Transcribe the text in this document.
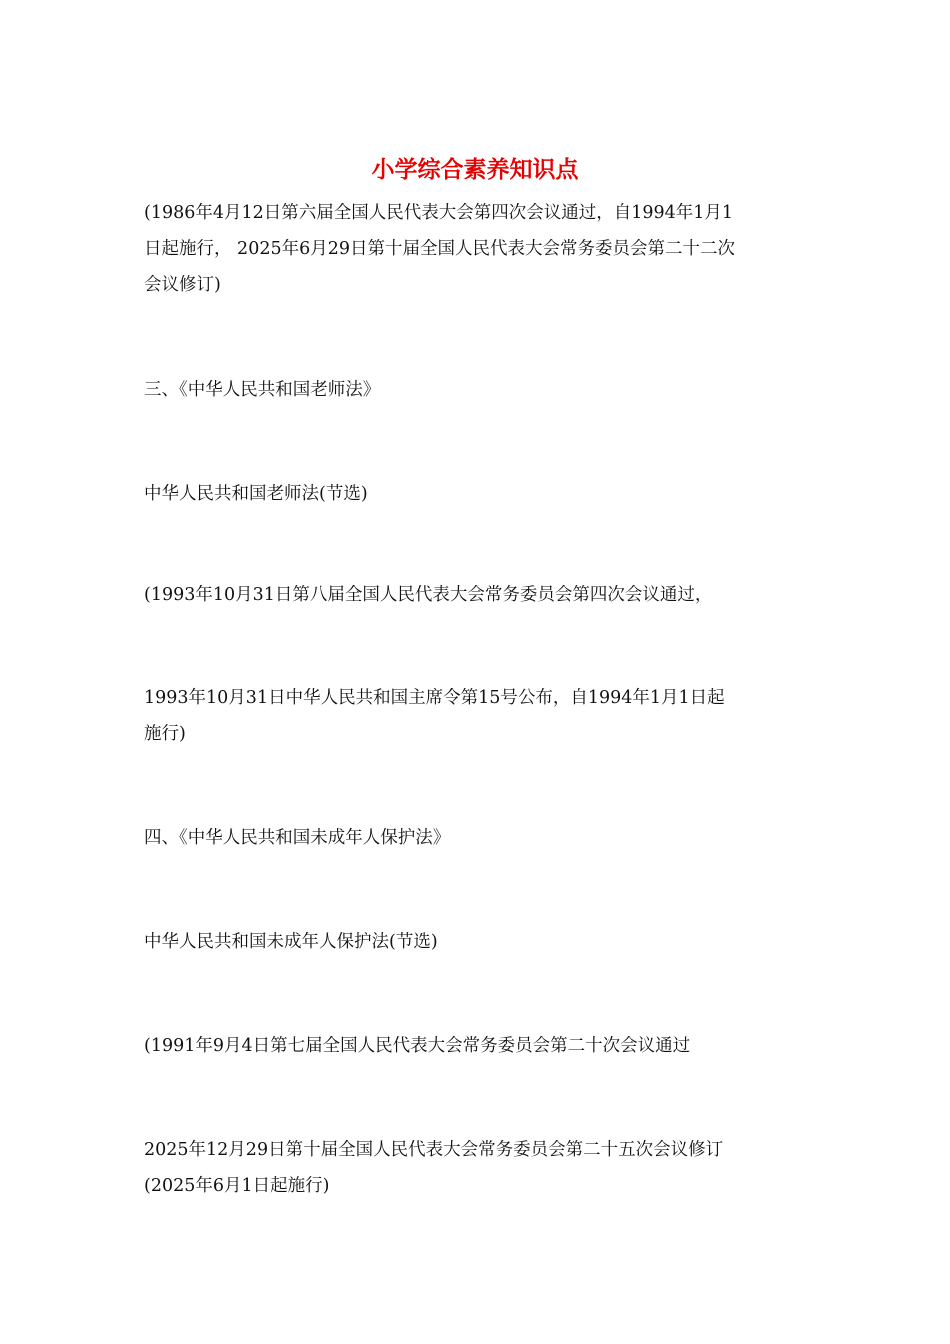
小学综合素养知识点
(1986年4月12日第六届全国人民代表大会第四次会议通过，自1994年1月1
日起施行， 2025年6月29日第十届全国人民代表大会常务委员会第二十二次
会议修订)

三、《中华人民共和国老师法》

中华人民共和国老师法(节选)

(1993年10月31日第八届全国人民代表大会常务委员会第四次会议通过，

1993年10月31日中华人民共和国主席令第15号公布，自1994年1月1日起
施行)

四、《中华人民共和国未成年人保护法》

中华人民共和国未成年人保护法(节选)

(1991年9月4日第七届全国人民代表大会常务委员会第二十次会议通过

2025年12月29日第十届全国人民代表大会常务委员会第二十五次会议修订
(2025年6月1日起施行)
